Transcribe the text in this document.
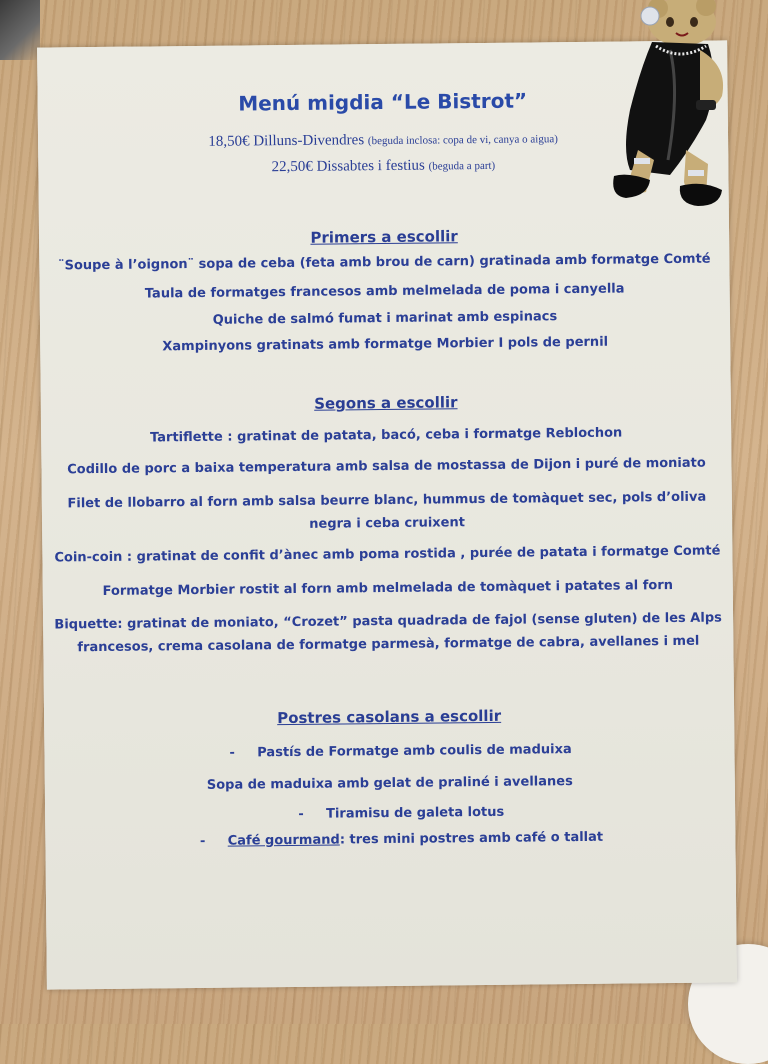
Menú migdia “Le Bistrot”
18,50€ Dilluns-Divendres (beguda inclosa: copa de vi, canya o aigua)
22,50€ Dissabtes i festius (beguda a part)
Primers a escollir
¨Soupe à l’oignon¨ sopa de ceba (feta amb brou de carn) gratinada amb formatge Comté
Taula de formatges francesos amb melmelada de poma i canyella
Quiche de salmó fumat i marinat amb espinacs
Xampinyons gratinats amb formatge Morbier I pols de pernil
Segons a escollir
Tartiflette : gratinat de patata, bacó, ceba i formatge Reblochon
Codillo de porc a baixa temperatura amb salsa de mostassa de Dijon i puré de moniato
Filet de llobarro al forn amb salsa beurre blanc, hummus de tomàquet sec, pols d’oliva
negra i ceba cruixent
Coin-coin : gratinat de confit d’ànec amb poma rostida , purée de patata i formatge Comté
Formatge Morbier rostit al forn amb melmelada de tomàquet i patates al forn
Biquette: gratinat de moniato, “Crozet” pasta quadrada de fajol (sense gluten) de les Alps
francesos, crema casolana de formatge parmesà, formatge de cabra, avellanes i mel
Postres casolans a escollir
- Pastís de Formatge amb coulis de maduixa
Sopa de maduixa amb gelat de praliné i avellanes
- Tiramisu de galeta lotus
- Café gourmand: tres mini postres amb café o tallat
